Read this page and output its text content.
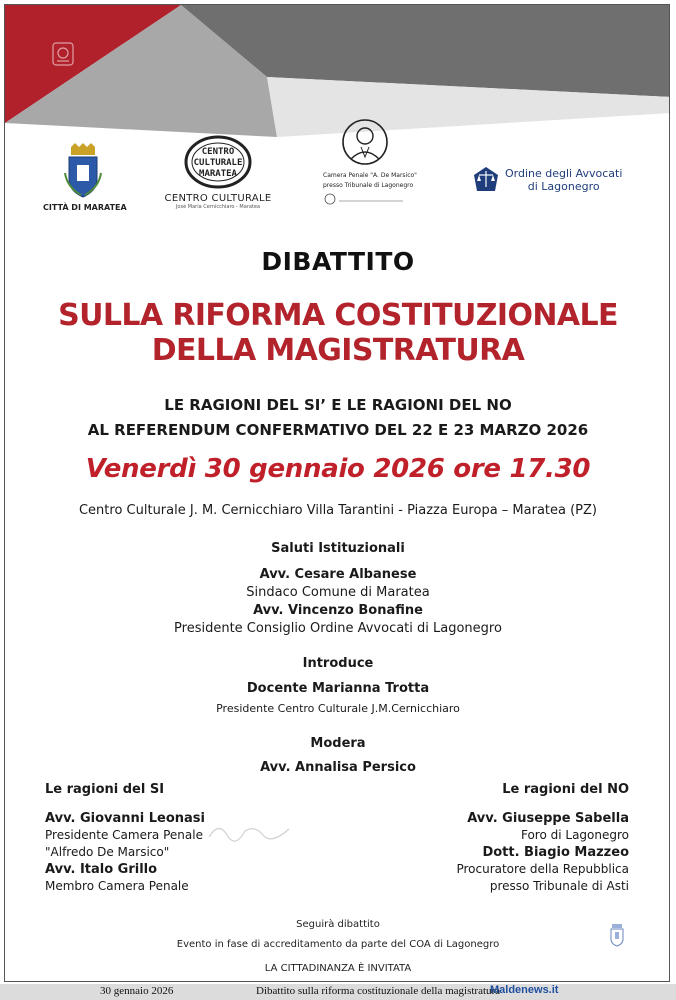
CITTÀ DI MARATEA
CENTRO
CULTURALE
MARATEA
CENTRO CULTURALE
José Maria Cernicchiaro - Maratea
Camera Penale "A. De Marsico"
presso Tribunale di Lagonegro
Ordine degli Avvocati
di Lagonegro
DIBATTITO
SULLA RIFORMA COSTITUZIONALE
DELLA MAGISTRATURA
LE RAGIONI DEL SI’ E LE RAGIONI DEL NO
AL REFERENDUM CONFERMATIVO DEL 22 E 23 MARZO 2026
Venerdì 30 gennaio 2026 ore 17.30
Centro Culturale J. M. Cernicchiaro Villa Tarantini - Piazza Europa – Maratea (PZ)
Saluti Istituzionali
Avv. Cesare Albanese
Sindaco Comune di Maratea
Avv. Vincenzo Bonafine
Presidente Consiglio Ordine Avvocati di Lagonegro
Introduce
Docente Marianna Trotta
Presidente Centro Culturale J.M.Cernicchiaro
Modera
Avv. Annalisa Persico
Le ragioni del SI
Avv. Giovanni Leonasi
Presidente Camera Penale
"Alfredo De Marsico"
Avv. Italo Grillo
Membro Camera Penale
Le ragioni del NO
Avv. Giuseppe Sabella
Foro di Lagonegro
Dott. Biagio Mazzeo
Procuratore della Repubblica
presso Tribunale di Asti
Seguirà dibattito
Evento in fase di accreditamento da parte del COA di Lagonegro
LA CITTADINANZA È INVITATA
30 gennaio 2026	Dibattito sulla riforma costituzionale della magistratura
Maldenews.it
